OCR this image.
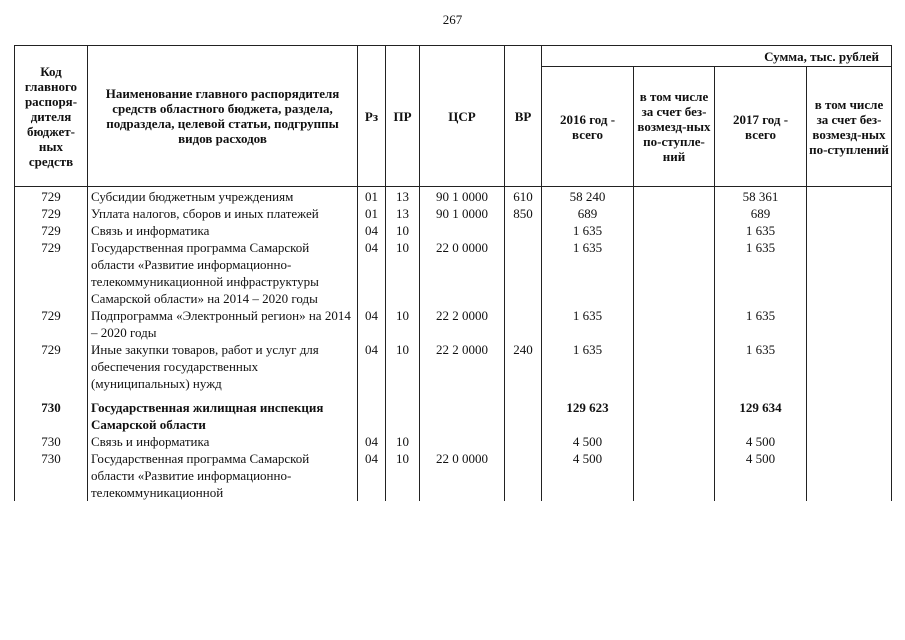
267
Код главного распоря-дителя бюджет-ных средств	Наименование главного распорядителя средств областного бюджета, раздела, подраздела, целевой статьи, подгруппы видов расходов	Рз	ПР	ЦСР	ВР	Сумма, тыс. рублей			
						2016 год - всего	в том числе за счет без-возмезд-ных по-ступле-ний	2017 год - всего	в том числе за счет без-возмезд-ных по-ступлений
729	Субсидии бюджетным учреждениям	01	13	90 1 0000	610	58 240		58 361	
729	Уплата налогов, сборов и иных платежей	01	13	90 1 0000	850	689		689	
729	Связь и информатика	04	10			1 635		1 635	
729	Государственная программа Самарской области «Развитие информационно-телекоммуникационной инфраструктуры Самарской области» на 2014 – 2020 годы	04	10	22 0 0000		1 635		1 635	
729	Подпрограмма «Электронный регион» на 2014 – 2020 годы	04	10	22 2 0000		1 635		1 635	
729	Иные закупки товаров, работ и услуг для обеспечения государственных (муниципальных) нужд	04	10	22 2 0000	240	1 635		1 635	
730	Государственная жилищная инспекция Самарской области					129 623		129 634	
730	Связь и информатика	04	10			4 500		4 500	
730	Государственная программа Самарской области «Развитие информационно-телекоммуникационной	04	10	22 0 0000		4 500		4 500	
